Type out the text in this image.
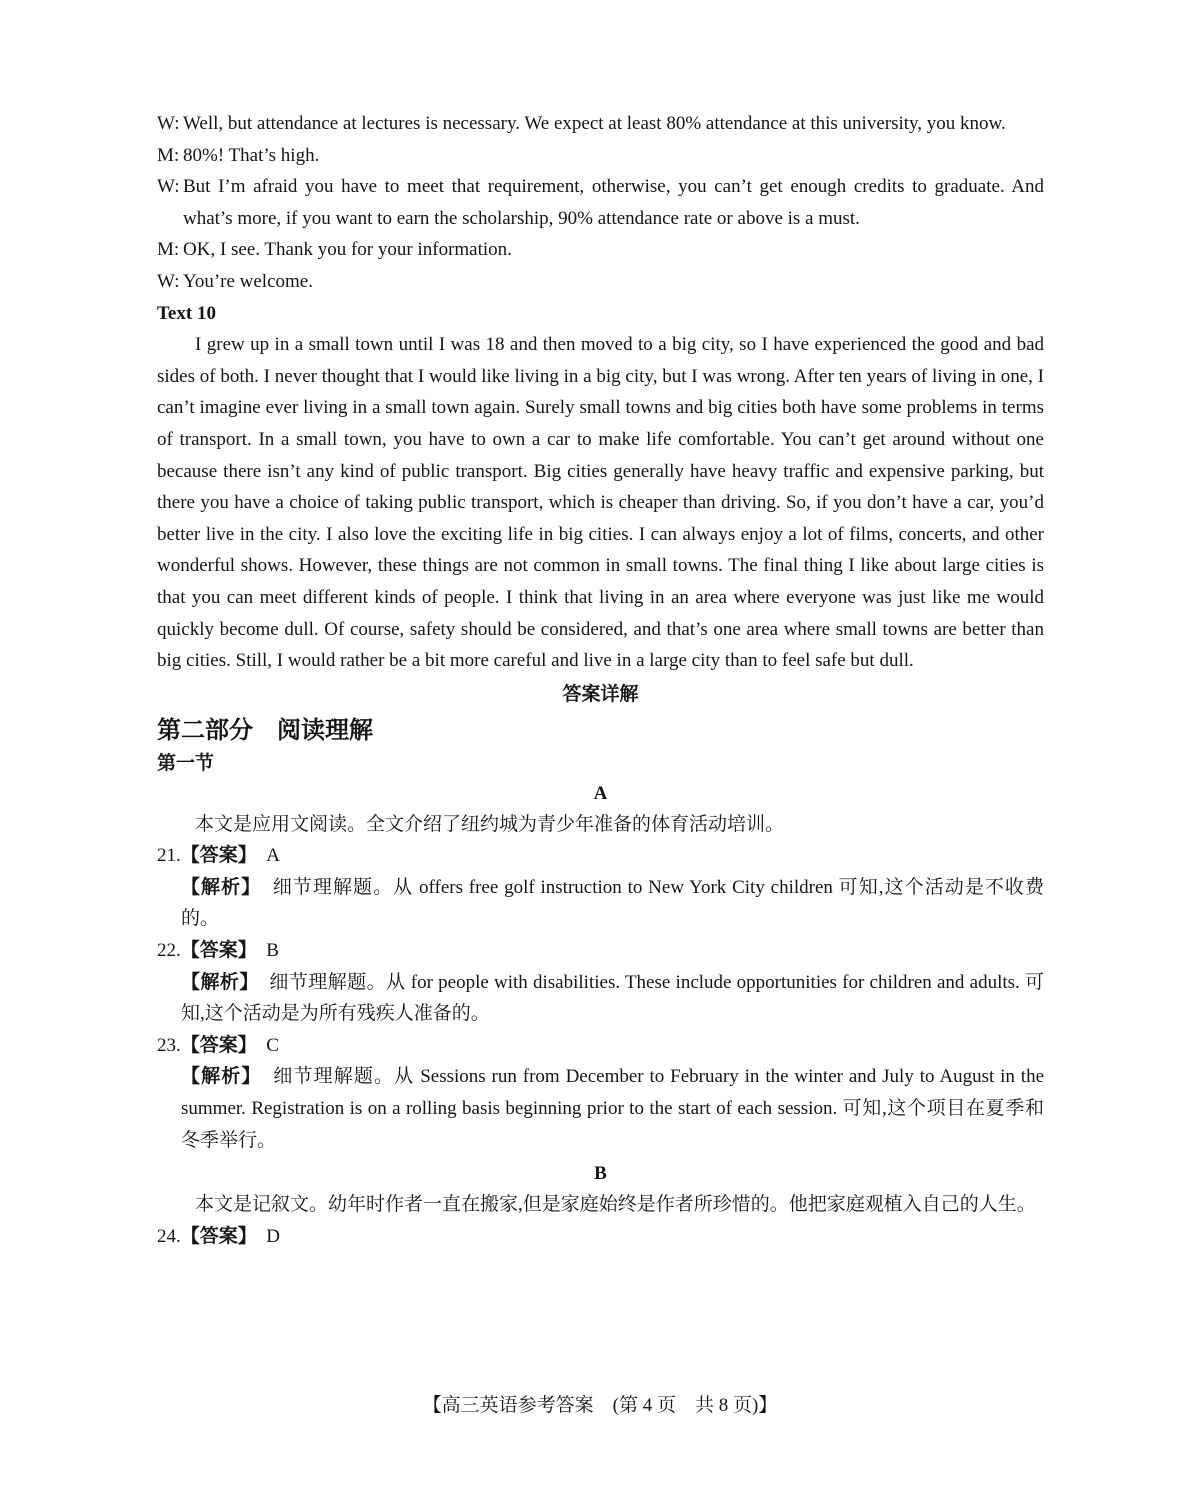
W: Well, but attendance at lectures is necessary. We expect at least 80% attendance at this university, you know.
M: 80%! That’s high.
W: But I’m afraid you have to meet that requirement, otherwise, you can’t get enough credits to graduate. And what’s more, if you want to earn the scholarship, 90% attendance rate or above is a must.
M: OK, I see. Thank you for your information.
W: You’re welcome.
Text 10
I grew up in a small town until I was 18 and then moved to a big city, so I have experienced the good and bad sides of both. I never thought that I would like living in a big city, but I was wrong. After ten years of living in one, I can’t imagine ever living in a small town again. Surely small towns and big cities both have some problems in terms of transport. In a small town, you have to own a car to make life comfortable. You can’t get around without one because there isn’t any kind of public transport. Big cities generally have heavy traffic and expensive parking, but there you have a choice of taking public transport, which is cheaper than driving. So, if you don’t have a car, you’d better live in the city. I also love the exciting life in big cities. I can always enjoy a lot of films, concerts, and other wonderful shows. However, these things are not common in small towns. The final thing I like about large cities is that you can meet different kinds of people. I think that living in an area where everyone was just like me would quickly become dull. Of course, safety should be considered, and that’s one area where small towns are better than big cities. Still, I would rather be a bit more careful and live in a large city than to feel safe but dull.
答案详解
第二部分　阅读理解
第一节
A
本文是应用文阅读。全文介绍了纽约城为青少年准备的体育活动培训。
21.【答案】 A
【解析】 细节理解题。从 offers free golf instruction to New York City children 可知,这个活动是不收费的。
22.【答案】 B
【解析】 细节理解题。从 for people with disabilities. These include opportunities for children and adults. 可知,这个活动是为所有残疾人准备的。
23.【答案】 C
【解析】 细节理解题。从 Sessions run from December to February in the winter and July to August in the summer. Registration is on a rolling basis beginning prior to the start of each session. 可知,这个项目在夏季和冬季举行。
B
本文是记叙文。幼年时作者一直在搬家,但是家庭始终是作者所珍惜的。他把家庭观植入自己的人生。
24.【答案】 D
【高三英语参考答案　(第 4 页　共 8 页)】
